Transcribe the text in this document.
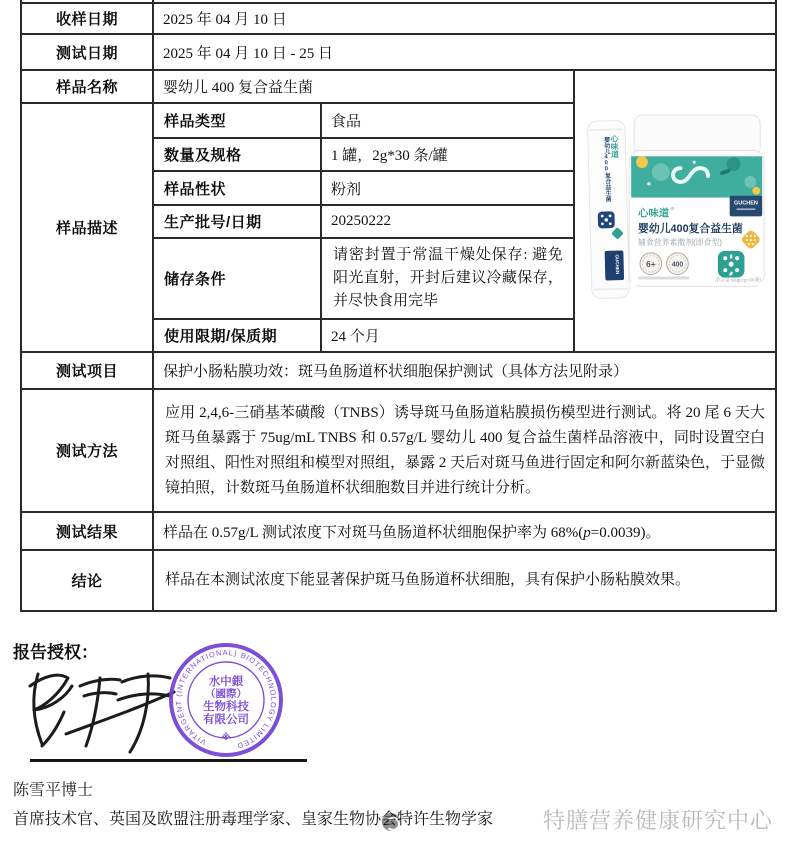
收样日期	2025 年 04 月 10 日		
测试日期	2025 年 04 月 10 日 - 25 日		
样品名称	婴幼儿 400 复合益生菌	
心味道
婴幼儿400复合益生菌
GUCHEN
GUCHEN
心味道 ®
婴幼儿400复合益生菌
辅食营养素撒剂(即食型)
6+ 400
净含量:60g(2g×30条)

样品描述	样品类型	食品	
	数量及规格	1 罐，2g*30 条/罐	
	样品性状	粉剂	
	生产批号/日期	20250222	
	储存条件	请密封置于常温干燥处保存: 避免阳光直射，开封后建议冷藏保存，并尽快食用完毕	
	使用限期/保质期	24 个月	
测试项目	保护小肠粘膜功效：斑马鱼肠道杯状细胞保护测试（具体方法见附录）		
测试方法	应用 2,4,6-三硝基苯磺酸（TNBS）诱导斑马鱼肠道粘膜损伤模型进行测试。将 20 尾 6 天大斑马鱼暴露于 75ug/mL TNBS 和 0.57g/L 婴幼儿 400 复合益生菌样品溶液中，同时设置空白对照组、阳性对照组和模型对照组，暴露 2 天后对斑马鱼进行固定和阿尔新蓝染色，于显微镜拍照，计数斑马鱼肠道杯状细胞数目并进行统计分析。		
测试结果	样品在 0.57g/L 测试浓度下对斑马鱼肠道杯状细胞保护率为 68%(p=0.0039)。		
结论	样品在本测试浓度下能显著保护斑马鱼肠道杯状细胞，具有保护小肠粘膜效果。		
报告授权：
VITARGENT (INTERNATIONAL) BIOTECHNOLOGY LIMITED
水中銀
（國際）
生物科技
有限公司
※
陈雪平博士
特膳营养健康研究中心
首席技术官、英国及欧盟注册毒理学家、皇家生物协会特许生物学家
